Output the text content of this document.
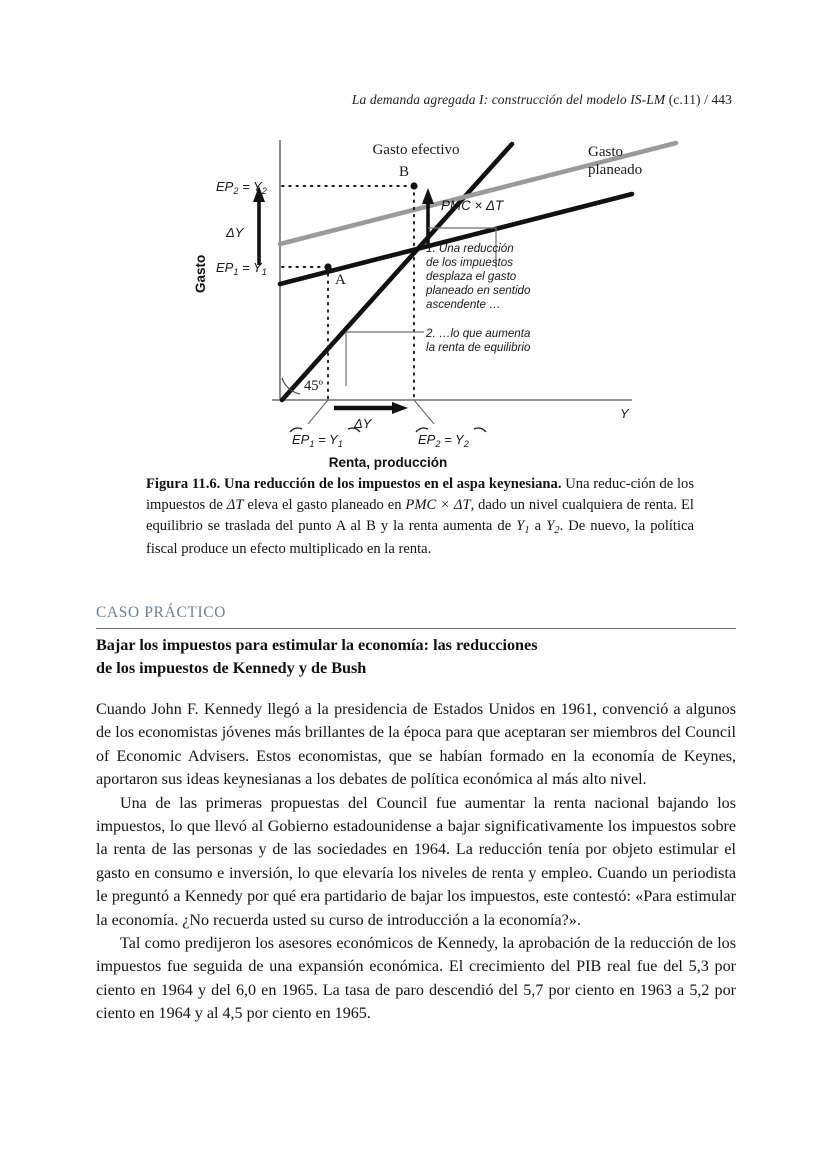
La demanda agregada I: construcción del modelo IS-LM (c.11) / 443
45º
ΔY
Gasto
$EP_2 = Y_2$
$EP_1 = Y_1$
Gasto efectivo	Gasto
planeado
B
A
PMC × ΔT
1. Una reducción
de los impuestos
desplaza el gasto
planeado en sentido
ascendente …
2. …lo que aumenta
la renta de equilibrio
ΔY
Y
$EP_1 = Y_1$	$EP_2 = Y_2$
Renta, producción
Figura 11.6. Una reducción de los impuestos en el aspa keynesiana. Una reduc-ción de los impuestos de ΔT eleva el gasto planeado en PMC × ΔT, dado un nivel cualquiera de renta. El equilibrio se traslada del punto A al B y la renta aumenta de $Y_1$ a $Y_2$. De nuevo, la política fiscal produce un efecto multiplicado en la renta.
CASO PRÁCTICO
Bajar los impuestos para estimular la economía: las reducciones
de los impuestos de Kennedy y de Bush

Cuando John F. Kennedy llegó a la presidencia de Estados Unidos en 1961, convenció a algunos de los economistas jóvenes más brillantes de la época para que aceptaran ser miembros del Council of Economic Advisers. Estos economistas, que se habían formado en la economía de Keynes, aportaron sus ideas keynesianas a los debates de política económica al más alto nivel.

Una de las primeras propuestas del Council fue aumentar la renta nacional bajando los impuestos, lo que llevó al Gobierno estadounidense a bajar significativamente los impuestos sobre la renta de las personas y de las sociedades en 1964. La reducción tenía por objeto estimular el gasto en consumo e inversión, lo que elevaría los niveles de renta y empleo. Cuando un periodista le preguntó a Kennedy por qué era partidario de bajar los impuestos, este contestó: «Para estimular la economía. ¿No recuerda usted su curso de introducción a la economía?».

Tal como predijeron los asesores económicos de Kennedy, la aprobación de la reducción de los impuestos fue seguida de una expansión económica. El crecimiento del PIB real fue del 5,3 por ciento en 1964 y del 6,0 en 1965. La tasa de paro descendió del 5,7 por ciento en 1963 a 5,2 por ciento en 1964 y al 4,5 por ciento en 1965.
